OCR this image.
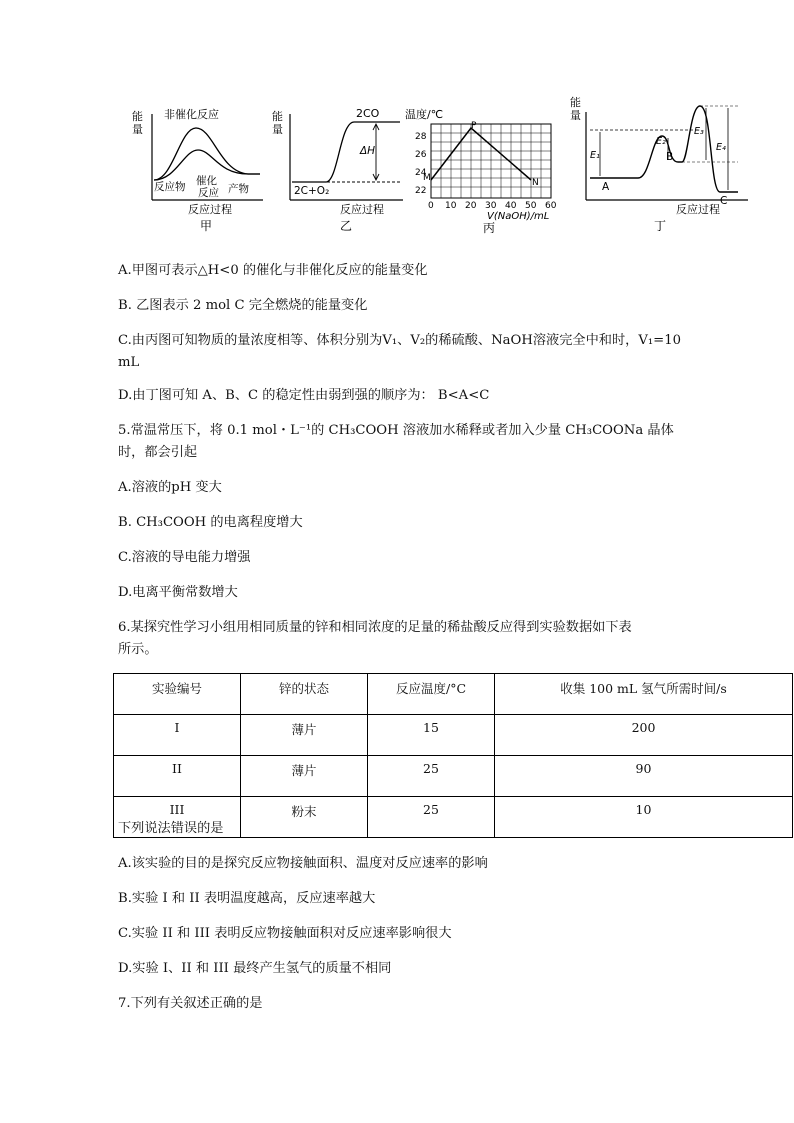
能
量
非催化反应
反应物 催化
反应 产物
反应过程
甲
能
量
2CO
ΔH
2C+O₂
反应过程
乙
温度/℃
M
P
N
28
26
24
22
0 10 20 30 40 50 60
V(NaOH)/mL
丙
能
量
E₁
E₂
E₃
E₄
A
B
C
反应过程
丁
A.甲图可表示△H<0 的催化与非催化反应的能量变化
B. 乙图表示 2 mol C 完全燃烧的能量变化
C.由丙图可知物质的量浓度相等、体积分别为V₁、V₂的稀硫酸、NaOH溶液完全中和时，V₁=10
mL
D.由丁图可知 A、B、C 的稳定性由弱到强的顺序为： B<A<C
5.常温常压下，将 0.1 mol・L⁻¹的 CH₃COOH 溶液加水稀释或者加入少量 CH₃COONa 晶体
时，都会引起
A.溶液的pH 变大
B. CH₃COOH 的电离程度增大
C.溶液的导电能力增强
D.电离平衡常数增大
6.某探究性学习小组用相同质量的锌和相同浓度的足量的稀盐酸反应得到实验数据如下表
所示。
实验编号	锌的状态	反应温度/°C	收集 100 mL 氢气所需时间/s
I	薄片	15	200
II	薄片	25	90
III	粉末	25	10
下列说法错误的是
A.该实验的目的是探究反应物接触面积、温度对反应速率的影响
B.实验 I 和 II 表明温度越高，反应速率越大
C.实验 II 和 III 表明反应物接触面积对反应速率影响很大
D.实验 I、II 和 III 最终产生氢气的质量不相同
7.下列有关叙述正确的是
